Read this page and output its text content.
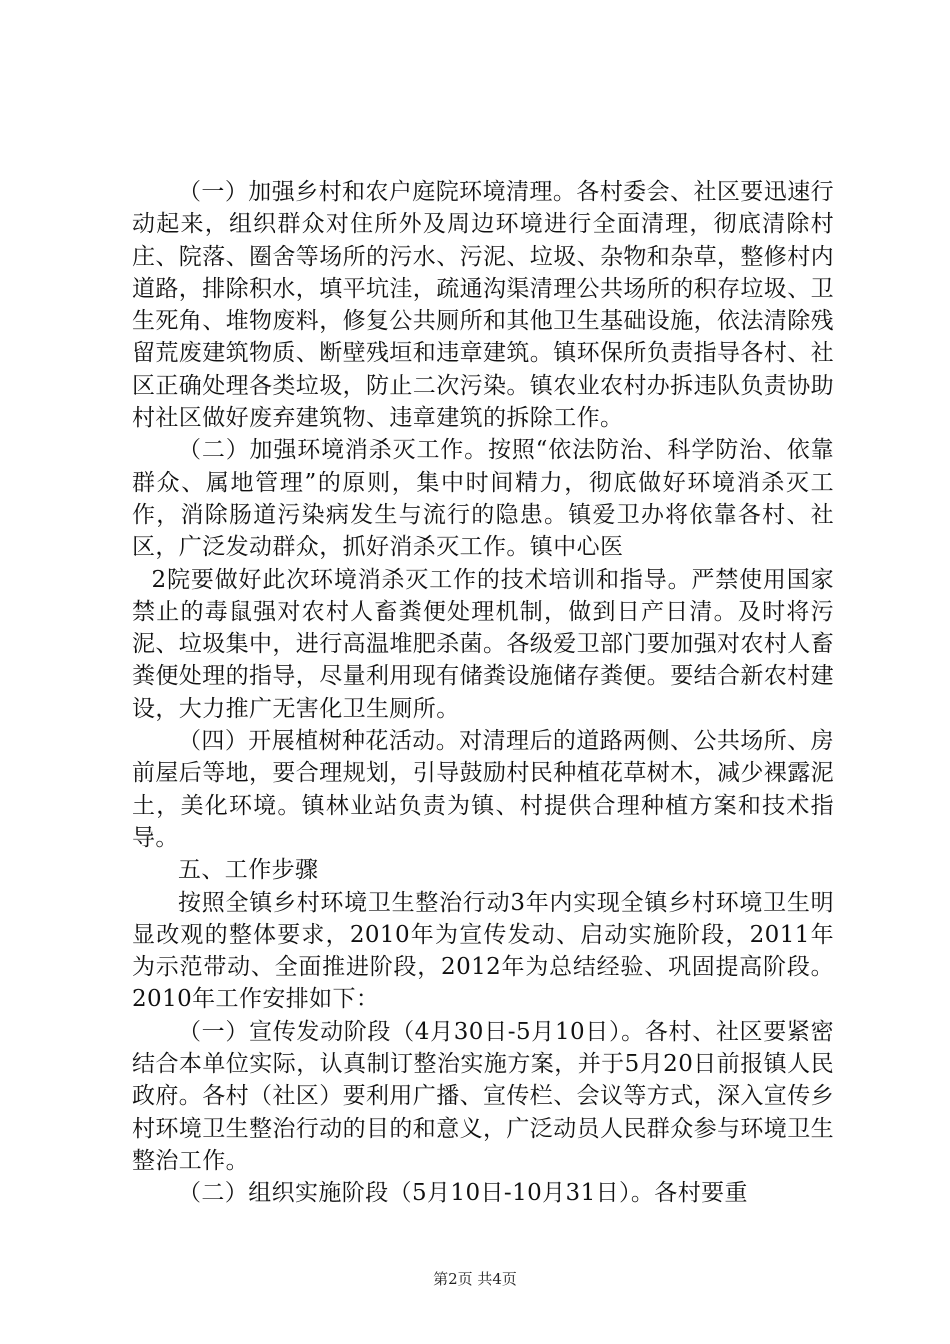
（一）加强乡村和农户庭院环境清理。各村委会、社区要迅速行动起来，组织群众对住所外及周边环境进行全面清理，彻底清除村庄、院落、圈舍等场所的污水、污泥、垃圾、杂物和杂草，整修村内道路，排除积水，填平坑洼，疏通沟渠清理公共场所的积存垃圾、卫生死角、堆物废料，修复公共厕所和其他卫生基础设施，依法清除残留荒废建筑物质、断壁残垣和违章建筑。镇环保所负责指导各村、社区正确处理各类垃圾，防止二次污染。镇农业农村办拆违队负责协助村社区做好废弃建筑物、违章建筑的拆除工作。

（二）加强环境消杀灭工作。按照“依法防治、科学防治、依靠群众、属地管理”的原则，集中时间精力，彻底做好环境消杀灭工作，消除肠道污染病发生与流行的隐患。镇爱卫办将依靠各村、社区，广泛发动群众，抓好消杀灭工作。镇中心医

2院要做好此次环境消杀灭工作的技术培训和指导。严禁使用国家禁止的毒鼠强对农村人畜粪便处理机制，做到日产日清。及时将污泥、垃圾集中，进行高温堆肥杀菌。各级爱卫部门要加强对农村人畜粪便处理的指导，尽量利用现有储粪设施储存粪便。要结合新农村建设，大力推广无害化卫生厕所。

（四）开展植树种花活动。对清理后的道路两侧、公共场所、房前屋后等地，要合理规划，引导鼓励村民种植花草树木，减少裸露泥土，美化环境。镇林业站负责为镇、村提供合理种植方案和技术指导。

五、工作步骤

按照全镇乡村环境卫生整治行动3年内实现全镇乡村环境卫生明显改观的整体要求，2010年为宣传发动、启动实施阶段，2011年为示范带动、全面推进阶段，2012年为总结经验、巩固提高阶段。2010年工作安排如下：

（一）宣传发动阶段（4月30日-5月10日）。各村、社区要紧密结合本单位实际，认真制订整治实施方案，并于5月20日前报镇人民政府。各村（社区）要利用广播、宣传栏、会议等方式，深入宣传乡村环境卫生整治行动的目的和意义，广泛动员人民群众参与环境卫生整治工作。

（二）组织实施阶段（5月10日-10月31日）。各村要重

第2页 共4页
